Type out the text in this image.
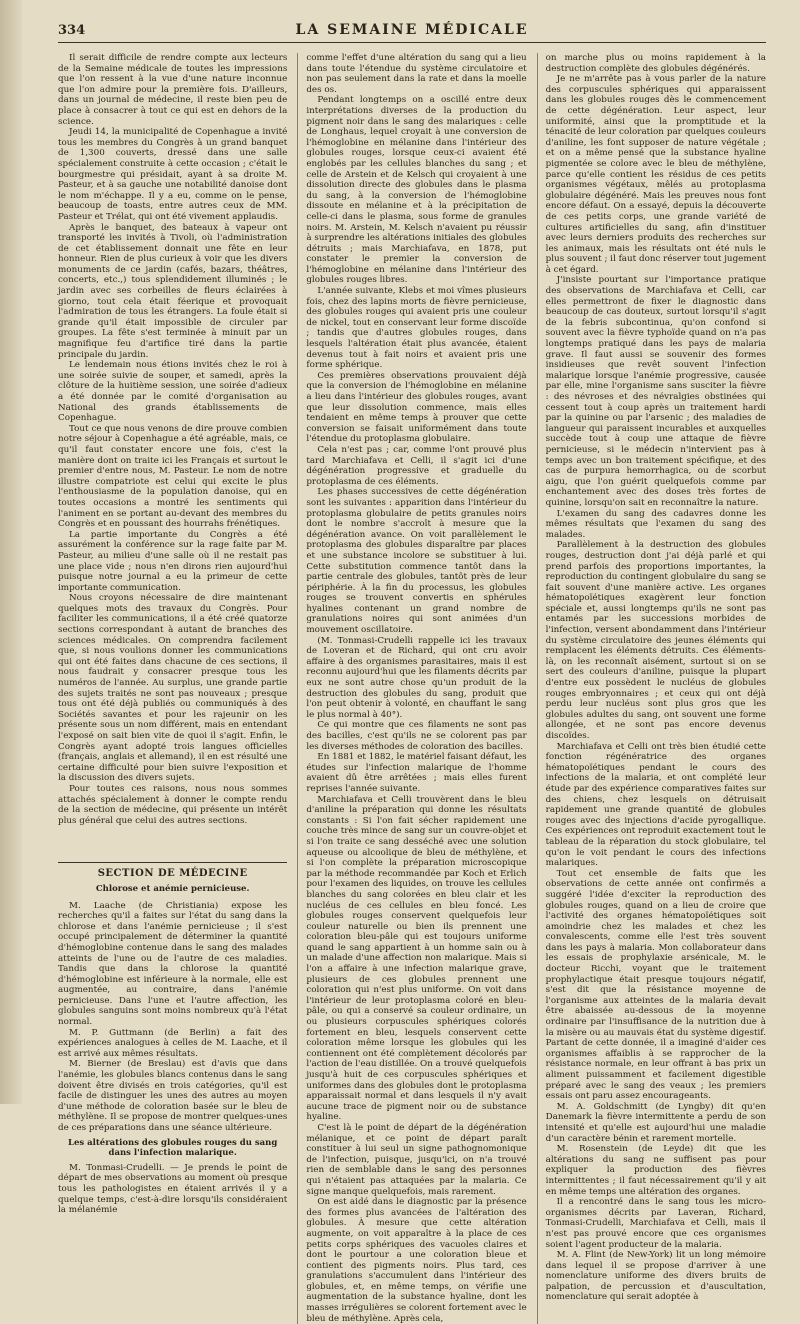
334	LA SEMAINE MÉDICALE

Il serait difficile de rendre compte aux lecteurs de la Semaine médicale de toutes les impressions que l'on ressent à la vue d'une nature inconnue que l'on admire pour la première fois. D'ailleurs, dans un journal de médecine, il reste bien peu de place à consacrer à tout ce qui est en dehors de la science.

Jeudi 14, la municipalité de Copenhague a invité tous les membres du Congrès à un grand banquet de 1,300 couverts, dressé dans une salle spécialement construite à cette occasion ; c'était le bourgmestre qui présidait, ayant à sa droite M. Pasteur, et à sa gauche une notabilité danoise dont le nom m'échappe. Il y a eu, comme on le pense, beaucoup de toasts, entre autres ceux de MM. Pasteur et Trélat, qui ont été vivement applaudis.

Après le banquet, des bateaux à vapeur ont transporté les invités à Tivoli, où l'administration de cet établissement donnait une fête en leur honneur. Rien de plus curieux à voir que les divers monuments de ce jardin (cafés, bazars, théâtres, concerts, etc.,) tous splendidement illuminés ; le jardin avec ses corbeilles de fleurs éclairées à giorno, tout cela était féerique et provoquait l'admiration de tous les étrangers. La foule était si grande qu'il était impossible de circuler par groupes. La fête s'est terminée à minuit par un magnifique feu d'artifice tiré dans la partie principale du jardin.

Le lendemain nous étions invités chez le roi à une soirée suivie de souper, et samedi, après la clôture de la huitième session, une soirée d'adieux a été donnée par le comité d'organisation au National des grands établissements de Copenhague.

Tout ce que nous venons de dire prouve combien notre séjour à Copenhague a été agréable, mais, ce qu'il faut constater encore une fois, c'est la manière dont on traite ici les Français et surtout le premier d'entre nous, M. Pasteur. Le nom de notre illustre compatriote est celui qui excite le plus l'enthousiasme de la population danoise, qui en toutes occasions a montré les sentiments qui l'animent en se portant au-devant des membres du Congrès et en poussant des hourrahs frénétiques.

La partie importante du Congrès a été assurément la conférence sur la rage faite par M. Pasteur, au milieu d'une salle où il ne restait pas une place vide ; nous n'en dirons rien aujourd'hui puisque notre journal a eu la primeur de cette importante communication.

Nous croyons nécessaire de dire maintenant quelques mots des travaux du Congrès. Pour faciliter les communications, il a été créé quatorze sections correspondant à autant de branches des sciences médicales. On comprendra facilement que, si nous voulions donner les communications qui ont été faites dans chacune de ces sections, il nous faudrait y consacrer presque tous les numéros de l'année. Au surplus, une grande partie des sujets traités ne sont pas nouveaux ; presque tous ont été déjà publiés ou communiqués à des Sociétés savantes et pour les rajeunir on les présente sous un nom différent, mais en entendant l'exposé on sait bien vite de quoi il s'agit. Enfin, le Congrès ayant adopté trois langues officielles (français, anglais et allemand), il en est résulté une certaine difficulté pour bien suivre l'exposition et la discussion des divers sujets.

Pour toutes ces raisons, nous nous sommes attachés spécialement à donner le compte rendu de la section de médecine, qui présente un intérêt plus général que celui des autres sections.

SECTION DE MÉDECINE
Chlorose et anémie pernicieuse.

M. Laache (de Christiania) expose les recherches qu'il a faites sur l'état du sang dans la chlorose et dans l'anémie pernicieuse ; il s'est occupé principalement de déterminer la quantité d'hémoglobine contenue dans le sang des malades atteints de l'une ou de l'autre de ces maladies. Tandis que dans la chlorose la quantité d'hémoglobine est inférieure à la normale, elle est augmentée, au contraire, dans l'anémie pernicieuse. Dans l'une et l'autre affection, les globules sanguins sont moins nombreux qu'à l'état normal.

M. P. Guttmann (de Berlin) a fait des expériences analogues à celles de M. Laache, et il est arrivé aux mêmes résultats.

M. Bierner (de Breslau) est d'avis que dans l'anémie, les globules blancs contenus dans le sang doivent être divisés en trois catégories, qu'il est facile de distinguer les unes des autres au moyen d'une méthode de coloration basée sur le bleu de méthylène. Il se propose de montrer quelques-unes de ces préparations dans une séance ultérieure.

Les altérations des globules rouges du sang dans l'infection malarique.

M. Tonmasi-Crudelli. — Je prends le point de départ de mes observations au moment où presque tous les pathologistes en étaient arrivés il y a quelque temps, c'est-à-dire lorsqu'ils considéraient la mélanémie

comme l'effet d'une altération du sang qui a lieu dans toute l'étendue du système circulatoire et non pas seulement dans la rate et dans la moelle des os.

Pendant longtemps on a oscillé entre deux interprétations diverses de la production du pigment noir dans le sang des malariques : celle de Longhaus, lequel croyait à une conversion de l'hémoglobine en mélanine dans l'intérieur des globules rouges, lorsque ceux-ci avaient été englobés par les cellules blanches du sang ; et celle de Arstein et de Kelsch qui croyaient à une dissolution directe des globules dans le plasma du sang, à la conversion de l'hémoglobine dissoute en mélanine et à la précipitation de celle-ci dans le plasma, sous forme de granules noirs. M. Arstein, M. Kelsch n'avaient pu réussir à surprendre les altérations initiales des globules détruits ; mais Marchiafava, en 1878, put constater le premier la conversion de l'hémoglobine en mélanine dans l'intérieur des globules rouges libres.

L'année suivante, Klebs et moi vîmes plusieurs fois, chez des lapins morts de fièvre pernicieuse, des globules rouges qui avaient pris une couleur de nickel, tout en conservant leur forme discoïde ; tandis que d'autres globules rouges, dans lesquels l'altération était plus avancée, étaient devenus tout à fait noirs et avaient pris une forme sphérique.

Ces premières observations prouvaient déjà que la conversion de l'hémoglobine en mélanine a lieu dans l'intérieur des globules rouges, avant que leur dissolution commence, mais elles tendaient en même temps à prouver que cette conversion se faisait uniformément dans toute l'étendue du protoplasma globulaire.

Cela n'est pas ; car, comme l'ont prouvé plus tard Marchiafava et Celli, il s'agit ici d'une dégénération progressive et graduelle du protoplasma de ces éléments.

Les phases successives de cette dégénération sont les suivantes : apparition dans l'intérieur du protoplasma globulaire de petits granules noirs dont le nombre s'accroît à mesure que la dégénération avance. On voit parallèlement le protoplasma des globules disparaître par places et une substance incolore se substituer à lui. Cette substitution commence tantôt dans la partie centrale des globules, tantôt près de leur périphérie. À la fin du processus, les globules rouges se trouvent convertis en sphérules hyalines contenant un grand nombre de granulations noires qui sont animées d'un mouvement oscillatoire.

(M. Tonmasi-Crudelli rappelle ici les travaux de Loveran et de Richard, qui ont cru avoir affaire à des organismes parasitaires, mais il est reconnu aujourd'hui que les filaments décrits par eux ne sont autre chose qu'un produit de la destruction des globules du sang, produit que l'on peut obtenir à volonté, en chauffant le sang le plus normal à 40°).

Ce qui montre que ces filaments ne sont pas des bacilles, c'est qu'ils ne se colorent pas par les diverses méthodes de coloration des bacilles.

En 1881 et 1882, le matériel faisant défaut, les études sur l'infection malarique de l'homme avaient dû être arrêtées ; mais elles furent reprises l'année suivante.

Marchiafava et Celli trouvèrent dans le bleu d'aniline la préparation qui donne les résultats constants : Si l'on fait sécher rapidement une couche très mince de sang sur un couvre-objet et si l'on traite ce sang desséché avec une solution aqueuse ou alcoolique de bleu de méthylène, et si l'on complète la préparation microscopique par la méthode recommandée par Koch et Erlich pour l'examen des liquides, on trouve les cellules blanches du sang colorées en bleu clair et les nucléus de ces cellules en bleu foncé. Les globules rouges conservent quelquefois leur couleur naturelle ou bien ils prennent une coloration bleu-pâle qui est toujours uniforme quand le sang appartient à un homme sain ou à un malade d'une affection non malarique. Mais si l'on a affaire à une infection malarique grave, plusieurs de ces globules prennent une coloration qui n'est plus uniforme. On voit dans l'intérieur de leur protoplasma coloré en bleu-pâle, ou qui a conservé sa couleur ordinaire, un ou plusieurs corpuscules sphériques colorés fortement en bleu, lesquels conservent cette coloration même lorsque les globules qui les contiennent ont été complètement décolorés par l'action de l'eau distillée. On a trouvé quelquefois jusqu'à huit de ces corpuscules sphériques et uniformes dans des globules dont le protoplasma apparaissait normal et dans lesquels il n'y avait aucune trace de pigment noir ou de substance hyaline.

C'est là le point de départ de la dégénération mélanique, et ce point de départ paraît constituer à lui seul un signe pathognomonique de l'infection, puisque, jusqu'ici, on n'a trouvé rien de semblable dans le sang des personnes qui n'étaient pas attaquées par la malaria. Ce signe manque quelquefois, mais rarement.

On est aidé dans le diagnostic par la présence des formes plus avancées de l'altération des globules. À mesure que cette altération augmente, on voit apparaître à la place de ces petits corps sphériques des vacuoles claires et dont le pourtour a une coloration bleue et contient des pigments noirs. Plus tard, ces granulations s'accumulent dans l'intérieur des globules, et, en même temps, on vérifie une augmentation de la substance hyaline, dont les masses irrégulières se colorent fortement avec le bleu de méthylène. Après cela,

on marche plus ou moins rapidement à la destruction complète des globules dégénérés.

Je ne m'arrête pas à vous parler de la nature des corpuscules sphériques qui apparaissent dans les globules rouges dès le commencement de cette dégénération. Leur aspect, leur uniformité, ainsi que la promptitude et la ténacité de leur coloration par quelques couleurs d'aniline, les font supposer de nature végétale ; et on a même pensé que la substance hyaline pigmentée se colore avec le bleu de méthylène, parce qu'elle contient les résidus de ces petits organismes végétaux, mêlés au protoplasma globulaire dégénéré. Mais les preuves nous font encore défaut. On a essayé, depuis la découverte de ces petits corps, une grande variété de cultures artificielles du sang, afin d'instituer avec leurs derniers produits des recherches sur les animaux, mais les résultats ont été nuls le plus souvent ; il faut donc réserver tout jugement à cet égard.

J'insiste pourtant sur l'importance pratique des observations de Marchiafava et Celli, car elles permettront de fixer le diagnostic dans beaucoup de cas douteux, surtout lorsqu'il s'agit de la febris subcontinua, qu'on confond si souvent avec la fièvre typhoïde quand on n'a pas longtemps pratiqué dans les pays de malaria grave. Il faut aussi se souvenir des formes insidieuses que revêt souvent l'infection malarique lorsque l'anémie progressive, causée par elle, mine l'organisme sans susciter la fièvre : des névroses et des névralgies obstinées qui cessent tout à coup après un traitement hardi par la quinine ou par l'arsenic ; des maladies de langueur qui paraissent incurables et auxquelles succède tout à coup une attaque de fièvre pernicieuse, si le médecin n'intervient pas à temps avec un bon traitement spécifique, et des cas de purpura hemorrhagica, ou de scorbut aigu, que l'on guérit quelquefois comme par enchantement avec des doses très fortes de quinine, lorsqu'on sait en reconnaître la nature.

L'examen du sang des cadavres donne les mêmes résultats que l'examen du sang des malades.

Parallèlement à la destruction des globules rouges, destruction dont j'ai déjà parlé et qui prend parfois des proportions importantes, la reproduction du contingent globulaire du sang se fait souvent d'une manière active. Les organes hématopoïétiques exagèrent leur fonction spéciale et, aussi longtemps qu'ils ne sont pas entamés par les successions morbides de l'infection, versent abondamment dans l'intérieur du système circulatoire des jeunes éléments qui remplacent les éléments détruits. Ces éléments-là, on les reconnaît aisément, surtout si on se sert des couleurs d'aniline, puisque la plupart d'entre eux possèdent le nucléus de globules rouges embryonnaires ; et ceux qui ont déjà perdu leur nucléus sont plus gros que les globules adultes du sang, ont souvent une forme allongée, et ne sont pas encore devenus discoïdes.

Marchiafava et Celli ont très bien étudié cette fonction régénératrice des organes hématopoïétiques pendant le cours des infections de la malaria, et ont complété leur étude par des expérience comparatives faites sur des chiens, chez lesquels on détruisait rapidement une grande quantité de globules rouges avec des injections d'acide pyrogallique. Ces expériences ont reproduit exactement tout le tableau de la réparation du stock globulaire, tel qu'on le voit pendant le cours des infections malariques.

Tout cet ensemble de faits que les observations de cette année ont confirmés a suggéré l'idée d'exciter la reproduction des globules rouges, quand on a lieu de croire que l'activité des organes hématopoïétiques soit amoindrie chez les malades et chez les convalescents, comme elle l'est très souvent dans les pays à malaria. Mon collaborateur dans les essais de prophylaxie arsénicale, M. le docteur Ricchi, voyant que le traitement prophylactique était presque toujours négatif, s'est dit que la résistance moyenne de l'organisme aux atteintes de la malaria devait être abaissée au-dessous de la moyenne ordinaire par l'insuffisance de la nutrition due à la misère ou au mauvais état du système digestif. Partant de cette donnée, il a imaginé d'aider ces organismes affaiblis à se rapprocher de la résistance normale, en leur offrant à bas prix un aliment puissamment et facilement digestible préparé avec le sang des veaux ; les premiers essais ont paru assez encourageants.

M. A. Goldschmitt (de Lyngby) dit qu'en Danemark la fièvre intermittente a perdu de son intensité et qu'elle est aujourd'hui une maladie d'un caractère bénin et rarement mortelle.

M. Rosenstein (de Leyde) dit que les altérations du sang ne suffisent pas pour expliquer la production des fièvres intermittentes ; il faut nécessairement qu'il y ait en même temps une altération des organes.

Il a rencontré dans le sang tous les micro-organismes décrits par Laveran, Richard, Tonmasi-Crudelli, Marchiafava et Celli, mais il n'est pas prouvé encore que ces organismes soient l'agent producteur de la malaria.

M. A. Flint (de New-York) lit un long mémoire dans lequel il se propose d'arriver à une nomenclature uniforme des divers bruits de palpation, de percussion et d'auscultation, nomenclature qui serait adoptée à
